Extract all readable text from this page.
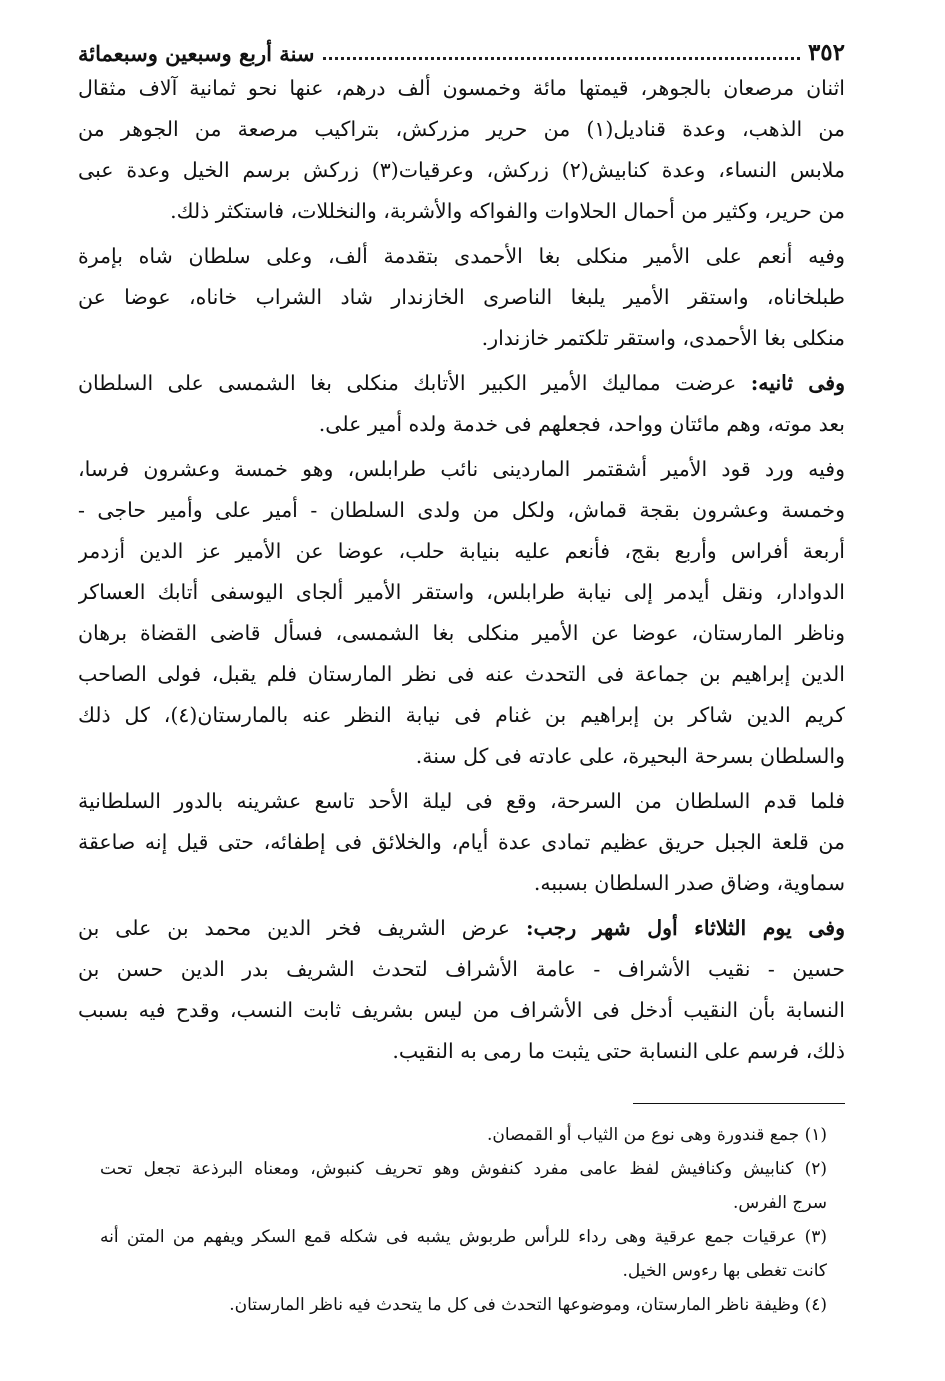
٣٥٢
سنة أربع وسبعين وسبعمائة
اثنان مرصعان بالجوهر، قيمتها مائة وخمسون ألف درهم، عنها نحو ثمانية آلاف مثقال
من الذهب، وعدة قناديل(١) من حرير مزركش، بتراكيب مرصعة من الجوهر من
ملابس النساء، وعدة كنابيش(٢) زركش، وعرقيات(٣) زركش برسم الخيل وعدة عبى
من حرير، وكثير من أحمال الحلاوات والفواكه والأشربة، والنخللات، فاستكثر ذلك.
وفيه أنعم على الأمير منكلى بغا الأحمدى بتقدمة ألف، وعلى سلطان شاه بإمرة
طبلخاناه، واستقر الأمير يلبغا الناصرى الخازندار شاد الشراب خاناه، عوضا عن
منكلى بغا الأحمدى، واستقر تلكتمر خازندار.
وفى ثانيه: عرضت مماليك الأمير الكبير الأتابك منكلى بغا الشمسى على السلطان
بعد موته، وهم مائتان وواحد، فجعلهم فى خدمة ولده أمير على.
وفيه ورد قود الأمير أشقتمر الماردينى نائب طرابلس، وهو خمسة وعشرون فرسا،
وخمسة وعشرون بقجة قماش، ولكل من ولدى السلطان - أمير على وأمير حاجى -
أربعة أفراس وأربع بقج، فأنعم عليه بنيابة حلب، عوضا عن الأمير عز الدين أزدمر
الدوادار، ونقل أيدمر إلى نيابة طرابلس، واستقر الأمير ألجاى اليوسفى أتابك العساكر
وناظر المارستان، عوضا عن الأمير منكلى بغا الشمسى، فسأل قاضى القضاة برهان
الدين إبراهيم بن جماعة فى التحدث عنه فى نظر المارستان فلم يقبل، فولى الصاحب
كريم الدين شاكر بن إبراهيم بن غنام فى نيابة النظر عنه بالمارستان(٤)، كل ذلك
والسلطان بسرحة البحيرة، على عادته فى كل سنة.
فلما قدم السلطان من السرحة، وقع فى ليلة الأحد تاسع عشرينه بالدور السلطانية
من قلعة الجبل حريق عظيم تمادى عدة أيام، والخلائق فى إطفائه، حتى قيل إنه صاعقة
سماوية، وضاق صدر السلطان بسببه.
وفى يوم الثلاثاء أول شهر رجب: عرض الشريف فخر الدين محمد بن على بن
حسين - نقيب الأشراف - عامة الأشراف لتحدث الشريف بدر الدين حسن بن
النسابة بأن النقيب أدخل فى الأشراف من ليس بشريف ثابت النسب، وقدح فيه بسبب
ذلك، فرسم على النسابة حتى يثبت ما رمى به النقيب.
(١) جمع قندورة وهى نوع من الثياب أو القمصان.
(٢) كنابيش وكنافيش لفظ عامى مفرد كنفوش وهو تحريف كنبوش، ومعناه البرذعة تجعل تحت
سرج الفرس.
(٣) عرقيات جمع عرقية وهى رداء للرأس طربوش يشبه فى شكله قمع السكر ويفهم من المتن أنه
كانت تغطى بها رءوس الخيل.
(٤) وظيفة ناظر المارستان، وموضوعها التحدث فى كل ما يتحدث فيه ناظر المارستان.
